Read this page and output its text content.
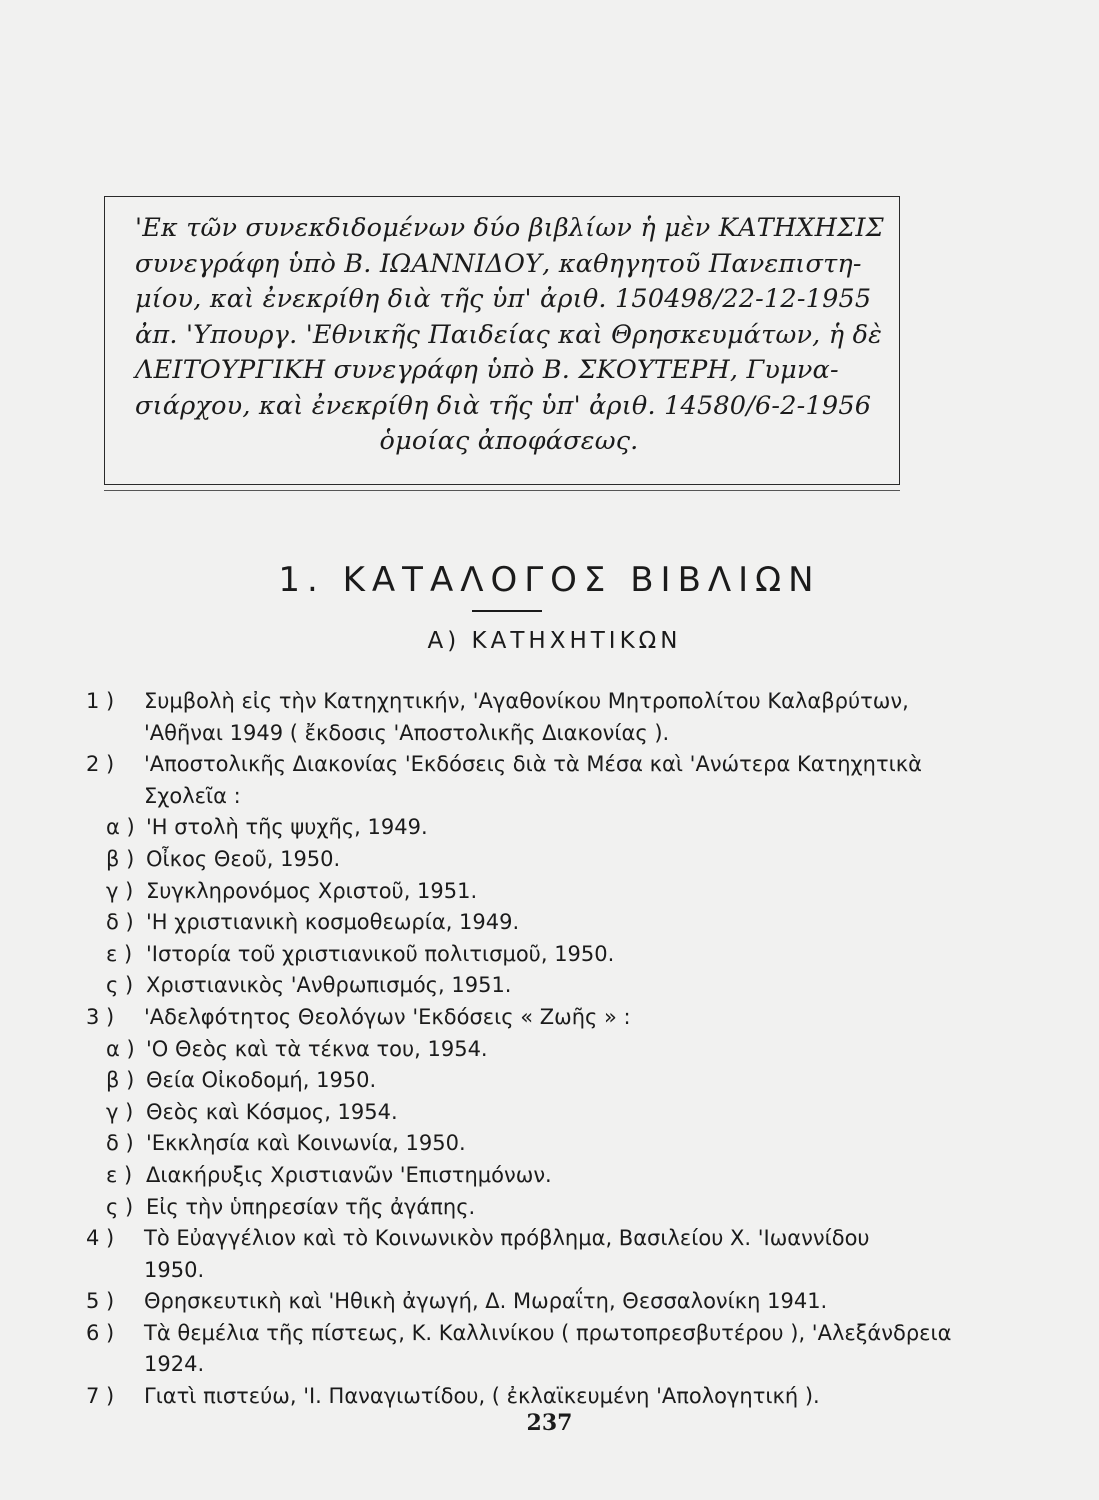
'Εκ τῶν συνεκδιδομένων δύο βιβλίων ἡ μὲν ΚΑΤΗΧΗΣΙΣ
συνεγράφη ὑπὸ Β. ΙΩΑΝΝΙΔΟΥ, καθηγητοῦ Πανεπιστη-
μίου, καὶ ἐνεκρίθη διὰ τῆς ὑπ' ἀριθ. 150498/22-12-1955
ἀπ. 'Υπουργ. 'Εθνικῆς Παιδείας καὶ Θρησκευμάτων, ἡ δὲ
ΛΕΙΤΟΥΡΓΙΚΗ συνεγράφη ὑπὸ Β. ΣΚΟΥΤΕΡΗ, Γυμνα-
σιάρχου, καὶ ἐνεκρίθη διὰ τῆς ὑπ' ἀριθ. 14580/6-2-1956
ὁμοίας ἀποφάσεως.
1. ΚΑΤΑΛΟΓΟΣ ΒΙΒΛΙΩΝ
Α) ΚΑΤΗΧΗΤΙΚΩΝ
1 )	Συμβολὴ εἰς τὴν Κατηχητικήν, 'Αγαθονίκου Μητροπολίτου Καλαβρύτων,
'Αθῆναι 1949 ( ἔκδοσις 'Αποστολικῆς Διακονίας ).
2 )	'Αποστολικῆς Διακονίας 'Εκδόσεις διὰ τὰ Μέσα καὶ 'Ανώτερα Κατηχητικὰ
Σχολεῖα :
α ) 'Η στολὴ τῆς ψυχῆς, 1949.
β ) Οἶκος Θεοῦ, 1950.
γ ) Συγκληρονόμος Χριστοῦ, 1951.
δ ) 'Η χριστιανικὴ κοσμοθεωρία, 1949.
ε ) 'Ιστορία τοῦ χριστιανικοῦ πολιτισμοῦ, 1950.
ς ) Χριστιανικὸς 'Ανθρωπισμός, 1951.
3 )	'Αδελφότητος Θεολόγων 'Εκδόσεις « Ζωῆς » :
α ) 'Ο Θεὸς καὶ τὰ τέκνα του, 1954.
β ) Θεία Οἰκοδομή, 1950.
γ ) Θεὸς καὶ Κόσμος, 1954.
δ ) 'Εκκλησία καὶ Κοινωνία, 1950.
ε ) Διακήρυξις Χριστιανῶν 'Επιστημόνων.
ς ) Εἰς τὴν ὑπηρεσίαν τῆς ἀγάπης.
4 )	Τὸ Εὐαγγέλιον καὶ τὸ Κοινωνικὸν πρόβλημα, Βασιλείου Χ. 'Ιωαννίδου
1950.
5 )	Θρησκευτικὴ καὶ 'Ηθικὴ ἀγωγή, Δ. Μωραΐτη, Θεσσαλονίκη 1941.
6 )	Τὰ θεμέλια τῆς πίστεως, Κ. Καλλινίκου ( πρωτοπρεσβυτέρου ), 'Αλεξάνδρεια
1924.
7 )	Γιατὶ πιστεύω, 'Ι. Παναγιωτίδου, ( ἐκλαϊκευμένη 'Απολογητική ).
237
